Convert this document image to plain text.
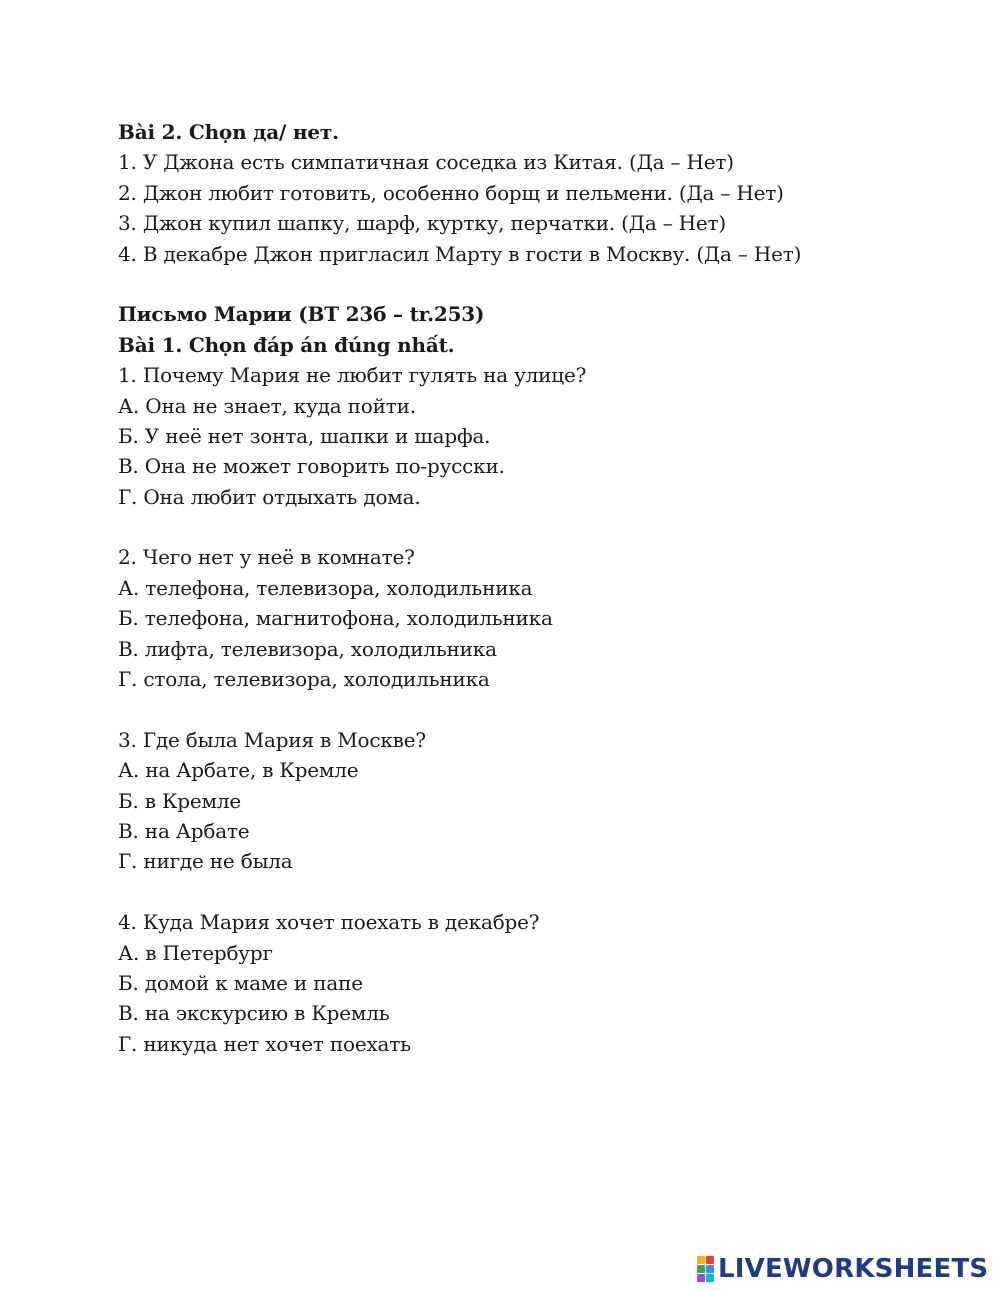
Bài 2. Chọn да/ нет.
1. У Джона есть симпатичная соседка из Китая. (Да – Нет)
2. Джон любит готовить, особенно борщ и пельмени. (Да – Нет)
3. Джон купил шапку, шарф, куртку, перчатки. (Да – Нет)
4. В декабре Джон пригласил Марту в гости в Москву. (Да – Нет)
Письмо Марии (BT 23б – tr.253)
Bài 1. Chọn đáp án đúng nhất.
1. Почему Мария не любит гулять на улице?
А. Она не знает, куда пойти.
Б. У неё нет зонта, шапки и шарфа.
В. Она не может говорить по-русски.
Г. Она любит отдыхать дома.
2. Чего нет у неё в комнате?
А. телефона, телевизора, холодильника
Б. телефона, магнитофона, холодильника
В. лифта, телевизора, холодильника
Г. стола, телевизора, холодильника
3. Где была Мария в Москве?
А. на Арбате, в Кремле
Б. в Кремле
В. на Арбате
Г. нигде не была
4. Куда Мария хочет поехать в декабре?
А. в Петербург
Б. домой к маме и папе
В. на экскурсию в Кремль
Г. никуда нет хочет поехать
LIVEWORKSHEETS
